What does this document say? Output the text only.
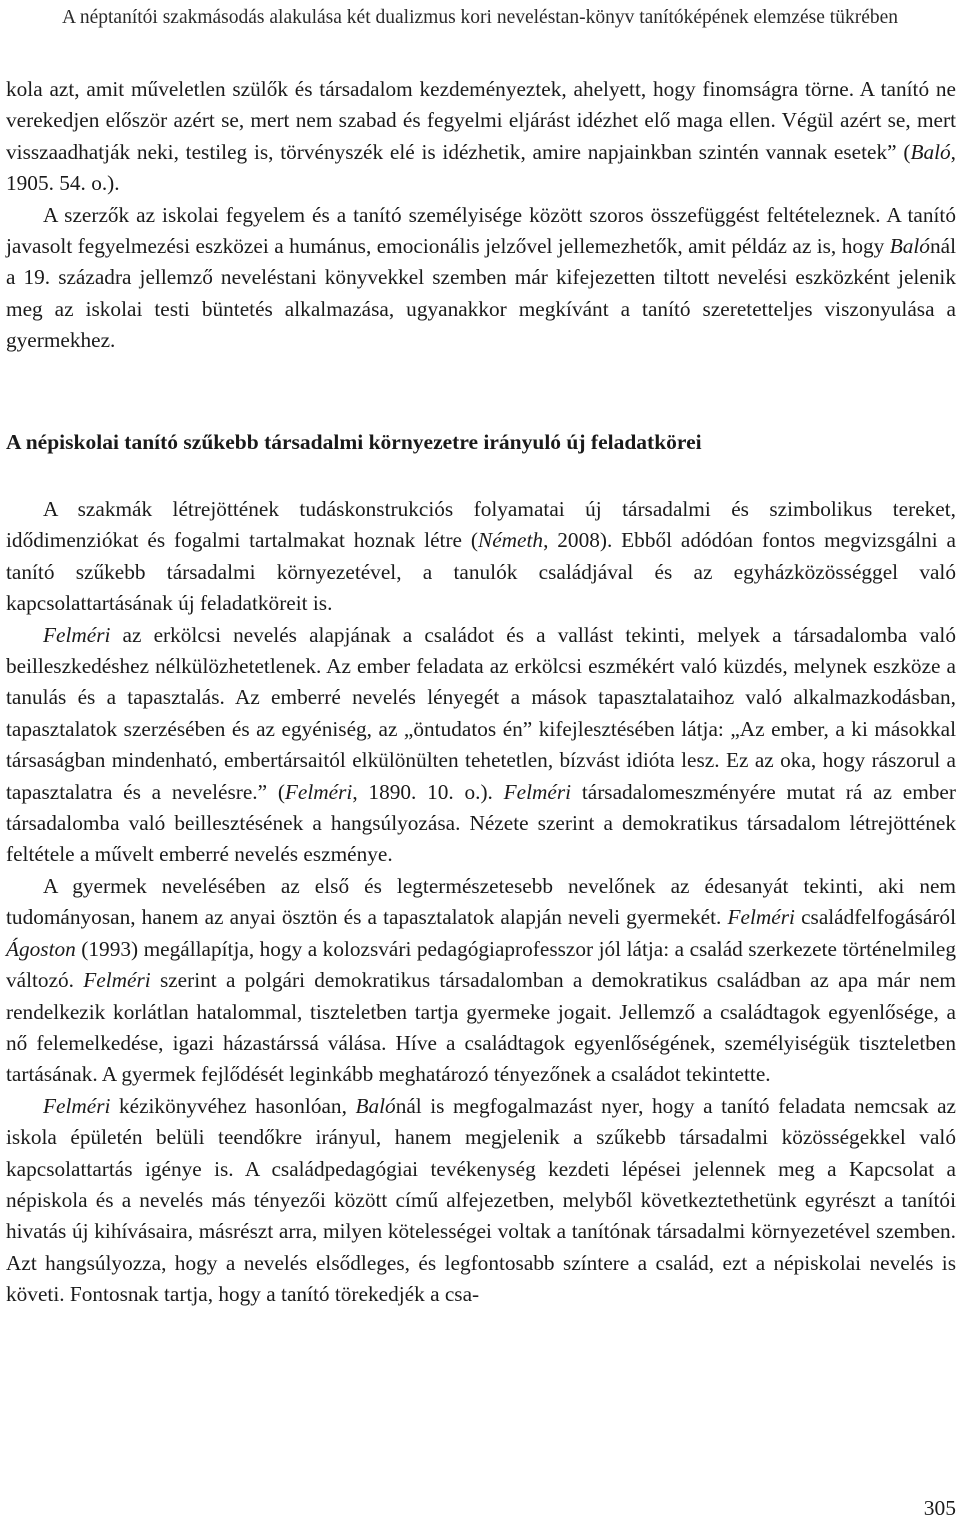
A néptanítói szakmásodás alakulása két dualizmus kori neveléstan-könyv tanítóképének elemzése tükrében

kola azt, amit műveletlen szülők és társadalom kezdeményeztek, ahelyett, hogy finomságra törne. A tanító ne verekedjen először azért se, mert nem szabad és fegyelmi eljárást idézhet elő maga ellen. Végül azért se, mert visszaadhatják neki, testileg is, törvényszék elé is idézhetik, amire napjainkban szintén vannak esetek” (Baló, 1905. 54. o.).

A szerzők az iskolai fegyelem és a tanító személyisége között szoros összefüggést feltételeznek. A tanító javasolt fegyelmezési eszközei a humánus, emocionális jelzővel jellemezhetők, amit példáz az is, hogy Balónál a 19. századra jellemző neveléstani könyvekkel szemben már kifejezetten tiltott nevelési eszközként jelenik meg az iskolai testi büntetés alkalmazása, ugyanakkor megkívánt a tanító szeretetteljes viszonyulása a gyermekhez.

A népiskolai tanító szűkebb társadalmi környezetre irányuló új feladatkörei

A szakmák létrejöttének tudáskonstrukciós folyamatai új társadalmi és szimbolikus tereket, idődimenziókat és fogalmi tartalmakat hoznak létre (Németh, 2008). Ebből adódóan fontos megvizsgálni a tanító szűkebb társadalmi környezetével, a tanulók családjával és az egyházközösséggel való kapcsolattartásának új feladatköreit is.

Felméri az erkölcsi nevelés alapjának a családot és a vallást tekinti, melyek a társadalomba való beilleszkedéshez nélkülözhetetlenek. Az ember feladata az erkölcsi eszmékért való küzdés, melynek eszköze a tanulás és a tapasztalás. Az emberré nevelés lényegét a mások tapasztalataihoz való alkalmazkodásban, tapasztalatok szerzésében és az egyéniség, az „öntudatos én” kifejlesztésében látja: „Az ember, a ki másokkal társaságban mindenható, embertársaitól elkülönülten tehetetlen, bízvást idióta lesz. Ez az oka, hogy rászorul a tapasztalatra és a nevelésre.” (Felméri, 1890. 10. o.). Felméri társadalomeszményére mutat rá az ember társadalomba való beillesztésének a hangsúlyozása. Nézete szerint a demokratikus társadalom létrejöttének feltétele a művelt emberré nevelés eszménye.

A gyermek nevelésében az első és legtermészetesebb nevelőnek az édesanyát tekinti, aki nem tudományosan, hanem az anyai ösztön és a tapasztalatok alapján neveli gyermekét. Felméri családfelfogásáról Ágoston (1993) megállapítja, hogy a kolozsvári pedagógiaprofesszor jól látja: a család szerkezete történelmileg változó. Felméri szerint a polgári demokratikus társadalomban a demokratikus családban az apa már nem rendelkezik korlátlan hatalommal, tiszteletben tartja gyermeke jogait. Jellemző a családtagok egyenlősége, a nő felemelkedése, igazi házastárssá válása. Híve a családtagok egyenlőségének, személyiségük tiszteletben tartásának. A gyermek fejlődését leginkább meghatározó tényezőnek a családot tekintette.

Felméri kézikönyvéhez hasonlóan, Balónál is megfogalmazást nyer, hogy a tanító feladata nemcsak az iskola épületén belüli teendőkre irányul, hanem megjelenik a szűkebb társadalmi közösségekkel való kapcsolattartás igénye is. A családpedagógiai tevékenység kezdeti lépései jelennek meg a Kapcsolat a népiskola és a nevelés más tényezői között című alfejezetben, melyből következtethetünk egyrészt a tanítói hivatás új kihívásaira, másrészt arra, milyen kötelességei voltak a tanítónak társadalmi környezetével szemben. Azt hangsúlyozza, hogy a nevelés elsődleges, és legfontosabb színtere a család, ezt a népiskolai nevelés is követi. Fontosnak tartja, hogy a tanító törekedjék a csa-

305
